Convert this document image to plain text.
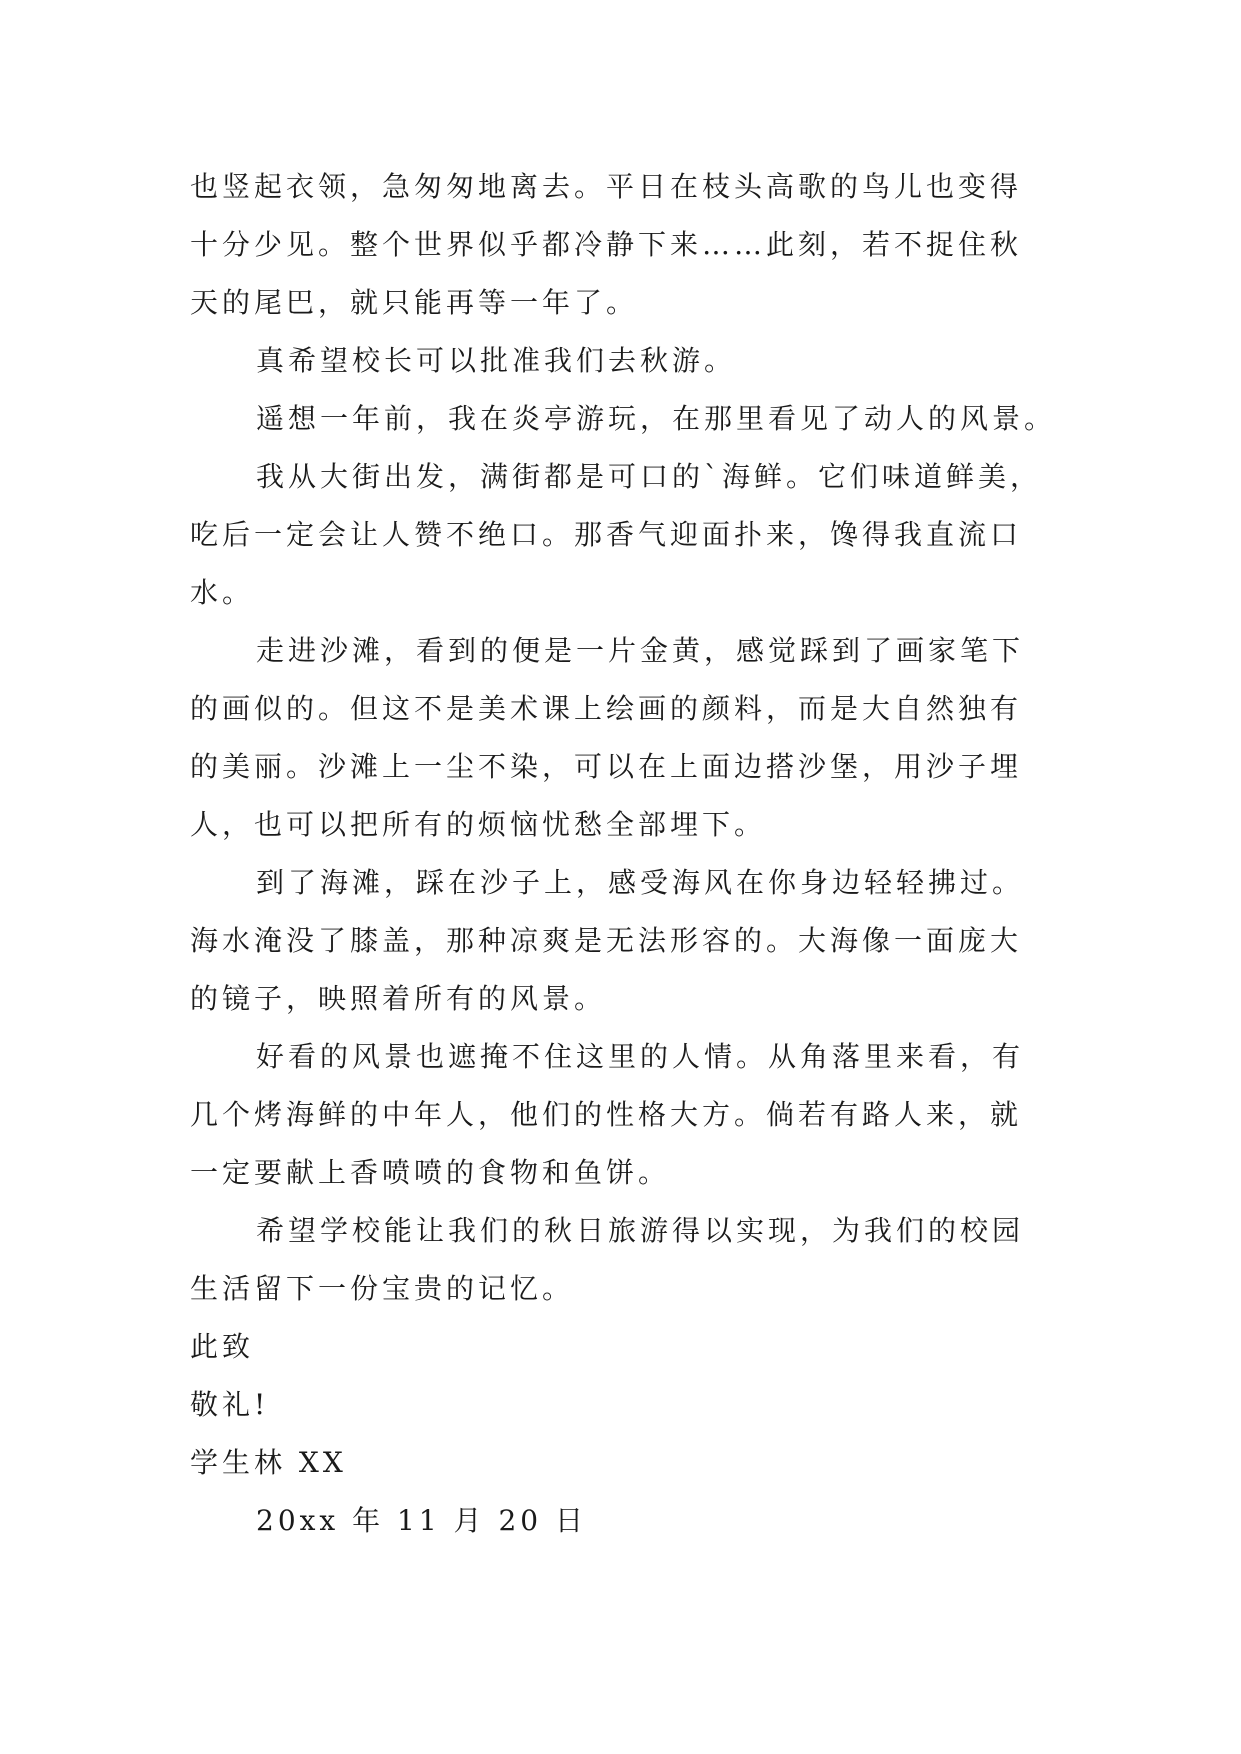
也竖起衣领，急匆匆地离去。平日在枝头高歌的鸟儿也变得
十分少见。整个世界似乎都冷静下来……此刻，若不捉住秋
天的尾巴，就只能再等一年了。
真希望校长可以批准我们去秋游。
遥想一年前，我在炎亭游玩，在那里看见了动人的风景。
我从大街出发，满街都是可口的`海鲜。它们味道鲜美，
吃后一定会让人赞不绝口。那香气迎面扑来，馋得我直流口
水。
走进沙滩，看到的便是一片金黄，感觉踩到了画家笔下
的画似的。但这不是美术课上绘画的颜料，而是大自然独有
的美丽。沙滩上一尘不染，可以在上面边搭沙堡，用沙子埋
人，也可以把所有的烦恼忧愁全部埋下。
到了海滩，踩在沙子上，感受海风在你身边轻轻拂过。
海水淹没了膝盖，那种凉爽是无法形容的。大海像一面庞大
的镜子，映照着所有的风景。
好看的风景也遮掩不住这里的人情。从角落里来看，有
几个烤海鲜的中年人，他们的性格大方。倘若有路人来，就
一定要献上香喷喷的食物和鱼饼。
希望学校能让我们的秋日旅游得以实现，为我们的校园
生活留下一份宝贵的记忆。
此致
敬礼!
学生林 XX
20xx 年 11 月 20 日
